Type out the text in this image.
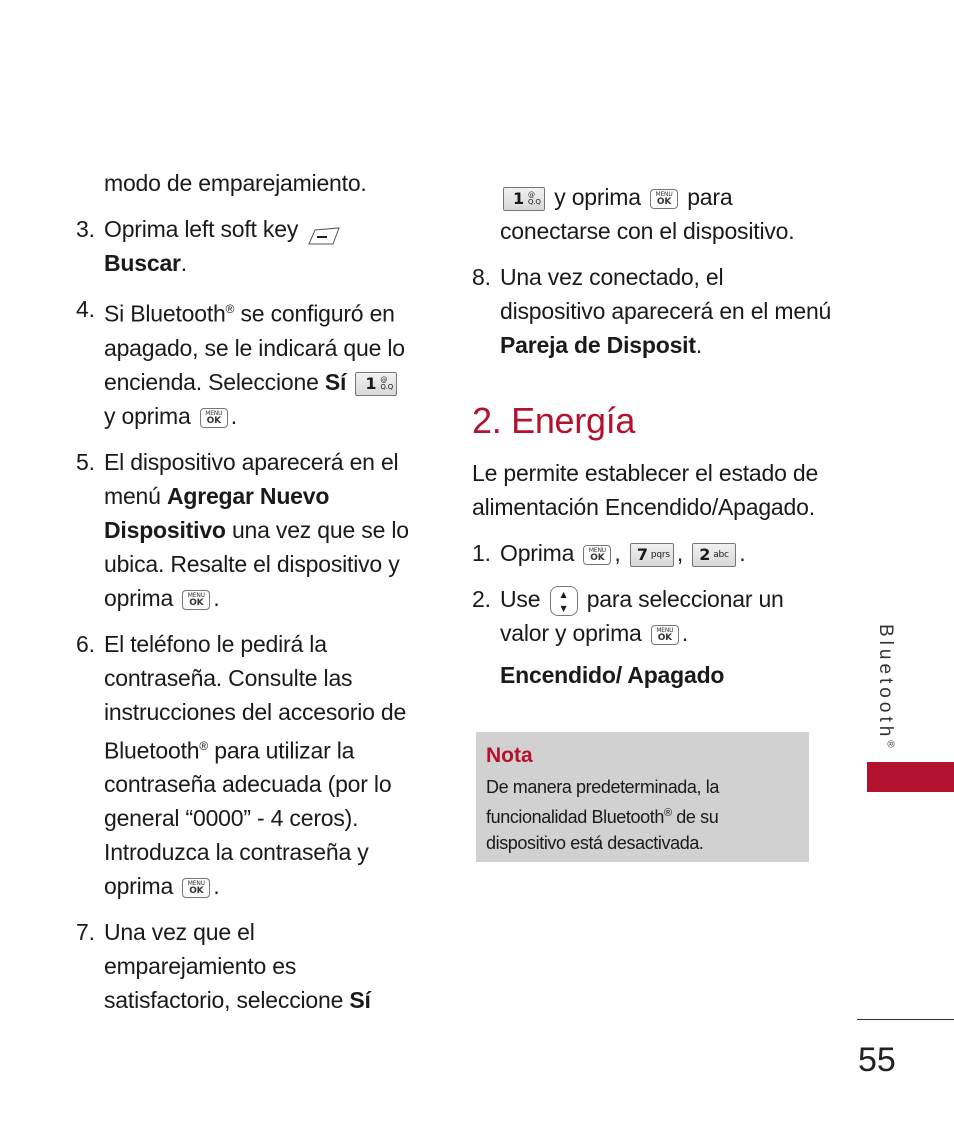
modo de emparejamiento.

3. Oprima left soft key
Buscar.
4. Si Bluetooth® se configuró en apagado, se le indicará que lo encienda. Seleccione Sí 1 @
Q.Q

y oprima	MENU
OK .
5. El dispositivo aparecerá en el menú Agregar Nuevo Dispositivo una vez que se lo ubica. Resalte el dispositivo y oprima	MENU
OK .
6. El teléfono le pedirá la contraseña. Consulte las instrucciones del accesorio de Bluetooth® para utilizar la contraseña adecuada (por lo general “0000” - 4 ceros). Introduzca la contraseña y oprima	MENU
OK .
7. Una vez que el emparejamiento es satisfactorio, seleccione Sí
1 @
Q.Q y oprima	MENU
OK para conectarse con el dispositivo.
8. Una vez conectado, el dispositivo aparecerá en el menú Pareja de Disposit.
2. Energía

Le permite establecer el estado de alimentación Encendido/Apagado.

1. Oprima	MENU
OK , 7 pqrs , 2 abc .
2. Use	▲
▼ para seleccionar un valor y oprima	MENU
OK .

Encendido/ Apagado

Nota

De manera predeterminada, la funcionalidad Bluetooth® de su dispositivo está desactivada.

Bluetooth®
55
